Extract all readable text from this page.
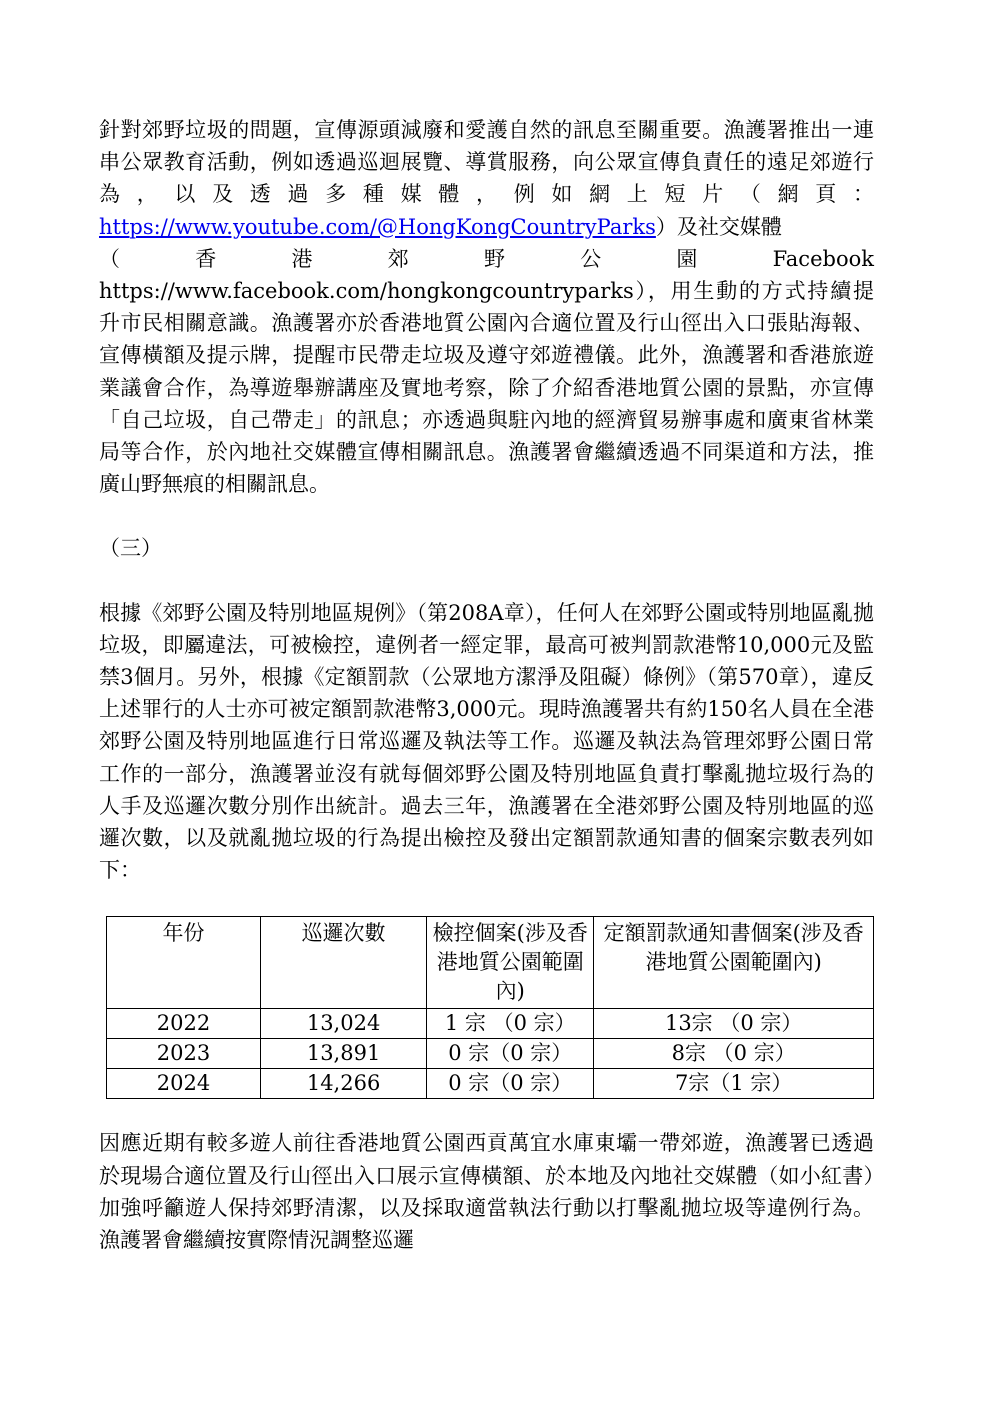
針對郊野垃圾的問題，宣傳源頭減廢和愛護自然的訊息至關重要。漁護署推出一連串公眾教育活動，例如透過巡迴展覽、導賞服務，向公眾宣傳負責任的遠足郊遊行為，以及透過多種媒體，例如網上短片（網頁：https://www.youtube.com/@HongKongCountryParks）及社交媒體

（	香	港	郊	野	公	園	Facebook

https://www.facebook.com/hongkongcountryparks），用生動的方式持續提升市民相關意識。漁護署亦於香港地質公園內合適位置及行山徑出入口張貼海報、宣傳橫額及提示牌，提醒市民帶走垃圾及遵守郊遊禮儀。此外，漁護署和香港旅遊業議會合作，為導遊舉辦講座及實地考察，除了介紹香港地質公園的景點，亦宣傳「自己垃圾，自己帶走」的訊息；亦透過與駐內地的經濟貿易辦事處和廣東省林業局等合作，於內地社交媒體宣傳相關訊息。漁護署會繼續透過不同渠道和方法，推廣山野無痕的相關訊息。

（三）

根據《郊野公園及特別地區規例》（第208A章），任何人在郊野公園或特別地區亂拋垃圾，即屬違法，可被檢控，違例者一經定罪，最高可被判罰款港幣10,000元及監禁3個月。另外，根據《定額罰款（公眾地方潔淨及阻礙）條例》（第570章），違反上述罪行的人士亦可被定額罰款港幣3,000元。現時漁護署共有約150名人員在全港郊野公園及特別地區進行日常巡邏及執法等工作。巡邏及執法為管理郊野公園日常工作的一部分，漁護署並沒有就每個郊野公園及特別地區負責打擊亂拋垃圾行為的人手及巡邏次數分別作出統計。過去三年，漁護署在全港郊野公園及特別地區的巡邏次數，以及就亂拋垃圾的行為提出檢控及發出定額罰款通知書的個案宗數表列如下：

年份	巡邏次數	檢控個案(涉及香港地質公園範圍內)	定額罰款通知書個案(涉及香港地質公園範圍內)
2022	13,024	1 宗 （0 宗）	13宗 （0 宗）
2023	13,891	0 宗（0 宗）	8宗 （0 宗）
2024	14,266	0 宗（0 宗）	7宗（1 宗）

因應近期有較多遊人前往香港地質公園西貢萬宜水庫東壩一帶郊遊，漁護署已透過於現場合適位置及行山徑出入口展示宣傳橫額、於本地及內地社交媒體（如小紅書）加強呼籲遊人保持郊野清潔，以及採取適當執法行動以打擊亂拋垃圾等違例行為。漁護署會繼續按實際情況調整巡邏
